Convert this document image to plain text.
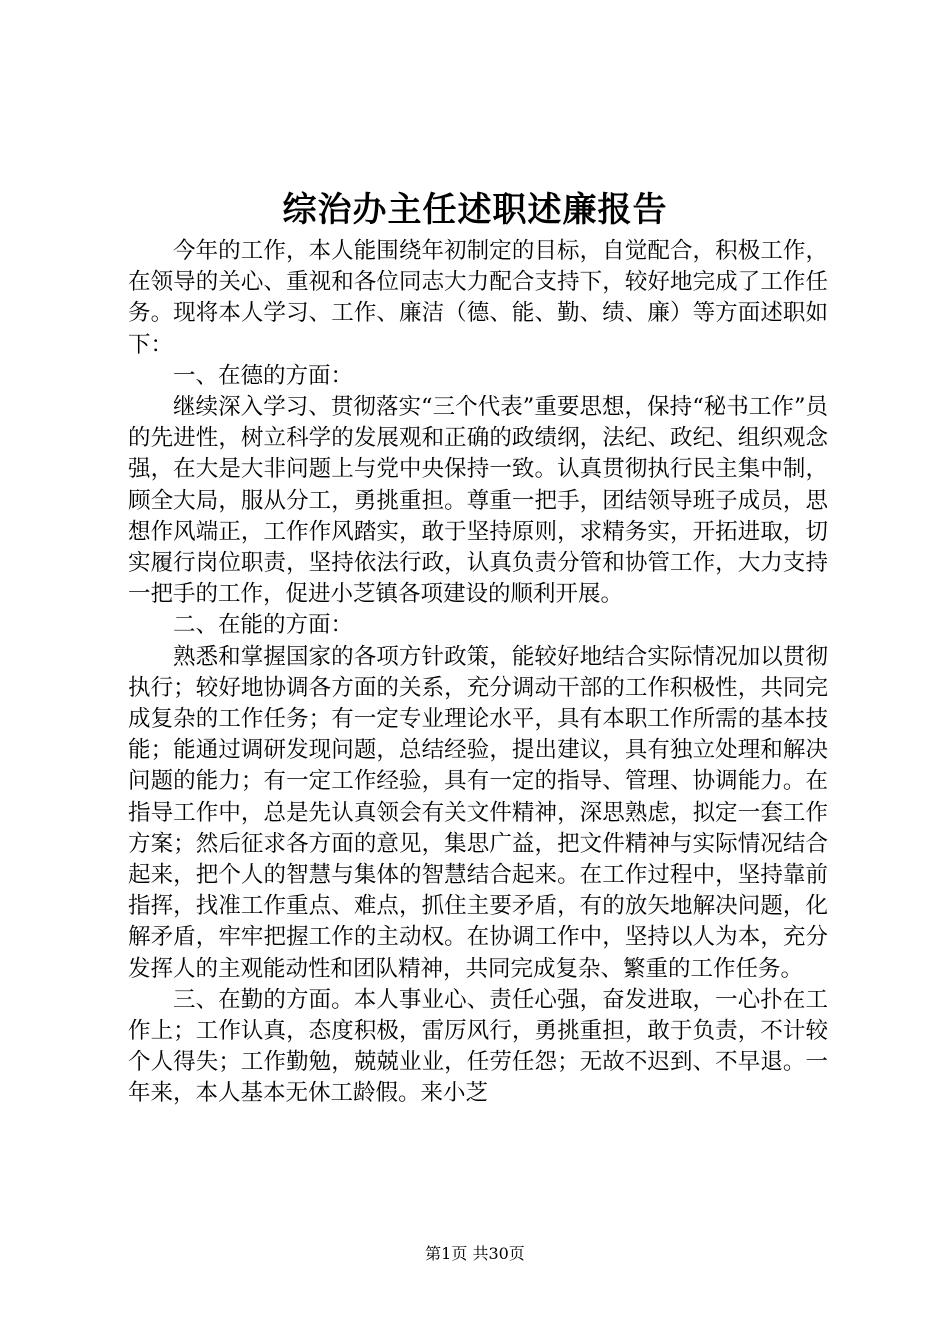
综治办主任述职述廉报告

今年的工作，本人能围绕年初制定的目标，自觉配合，积极工作，在领导的关心、重视和各位同志大力配合支持下，较好地完成了工作任务。现将本人学习、工作、廉洁（德、能、勤、绩、廉）等方面述职如下：

一、在德的方面：

继续深入学习、贯彻落实“三个代表”重要思想，保持“秘书工作”员的先进性，树立科学的发展观和正确的政绩纲，法纪、政纪、组织观念强，在大是大非问题上与党中央保持一致。认真贯彻执行民主集中制，顾全大局，服从分工，勇挑重担。尊重一把手，团结领导班子成员，思想作风端正，工作作风踏实，敢于坚持原则，求精务实，开拓进取，切实履行岗位职责，坚持依法行政，认真负责分管和协管工作，大力支持一把手的工作，促进小芝镇各项建设的顺利开展。

二、在能的方面：

熟悉和掌握国家的各项方针政策，能较好地结合实际情况加以贯彻执行；较好地协调各方面的关系，充分调动干部的工作积极性，共同完成复杂的工作任务；有一定专业理论水平，具有本职工作所需的基本技能；能通过调研发现问题，总结经验，提出建议，具有独立处理和解决问题的能力；有一定工作经验，具有一定的指导、管理、协调能力。在指导工作中，总是先认真领会有关文件精神，深思熟虑，拟定一套工作方案；然后征求各方面的意见，集思广益，把文件精神与实际情况结合起来，把个人的智慧与集体的智慧结合起来。在工作过程中，坚持靠前指挥，找准工作重点、难点，抓住主要矛盾，有的放矢地解决问题，化解矛盾，牢牢把握工作的主动权。在协调工作中，坚持以人为本，充分发挥人的主观能动性和团队精神，共同完成复杂、繁重的工作任务。

三、在勤的方面。本人事业心、责任心强，奋发进取，一心扑在工作上；工作认真，态度积极，雷厉风行，勇挑重担，敢于负责，不计较个人得失；工作勤勉，兢兢业业，任劳任怨；无故不迟到、不早退。一年来，本人基本无休工龄假。来小芝

第1页 共30页
